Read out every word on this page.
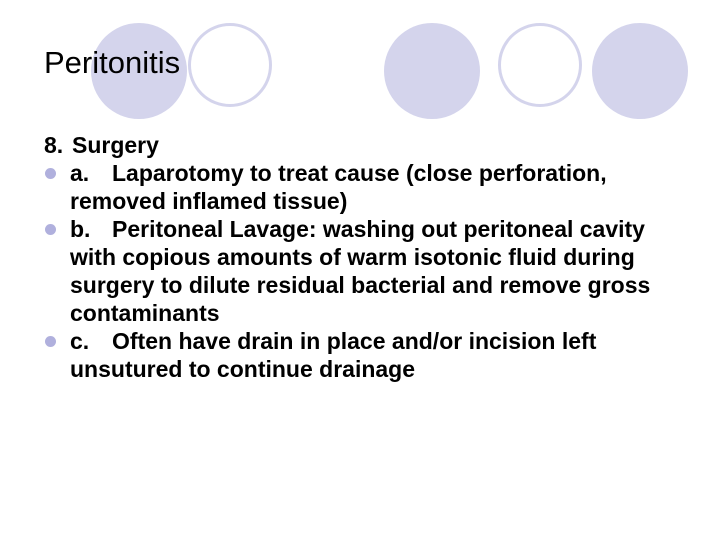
Peritonitis
8. Surgery
a. Laparotomy to treat cause (close perforation, removed inflamed tissue)
b. Peritoneal Lavage: washing out peritoneal cavity with copious amounts of warm isotonic fluid during surgery to dilute residual bacterial and remove gross contaminants
c. Often have drain in place and/or incision left unsutured to continue drainage
